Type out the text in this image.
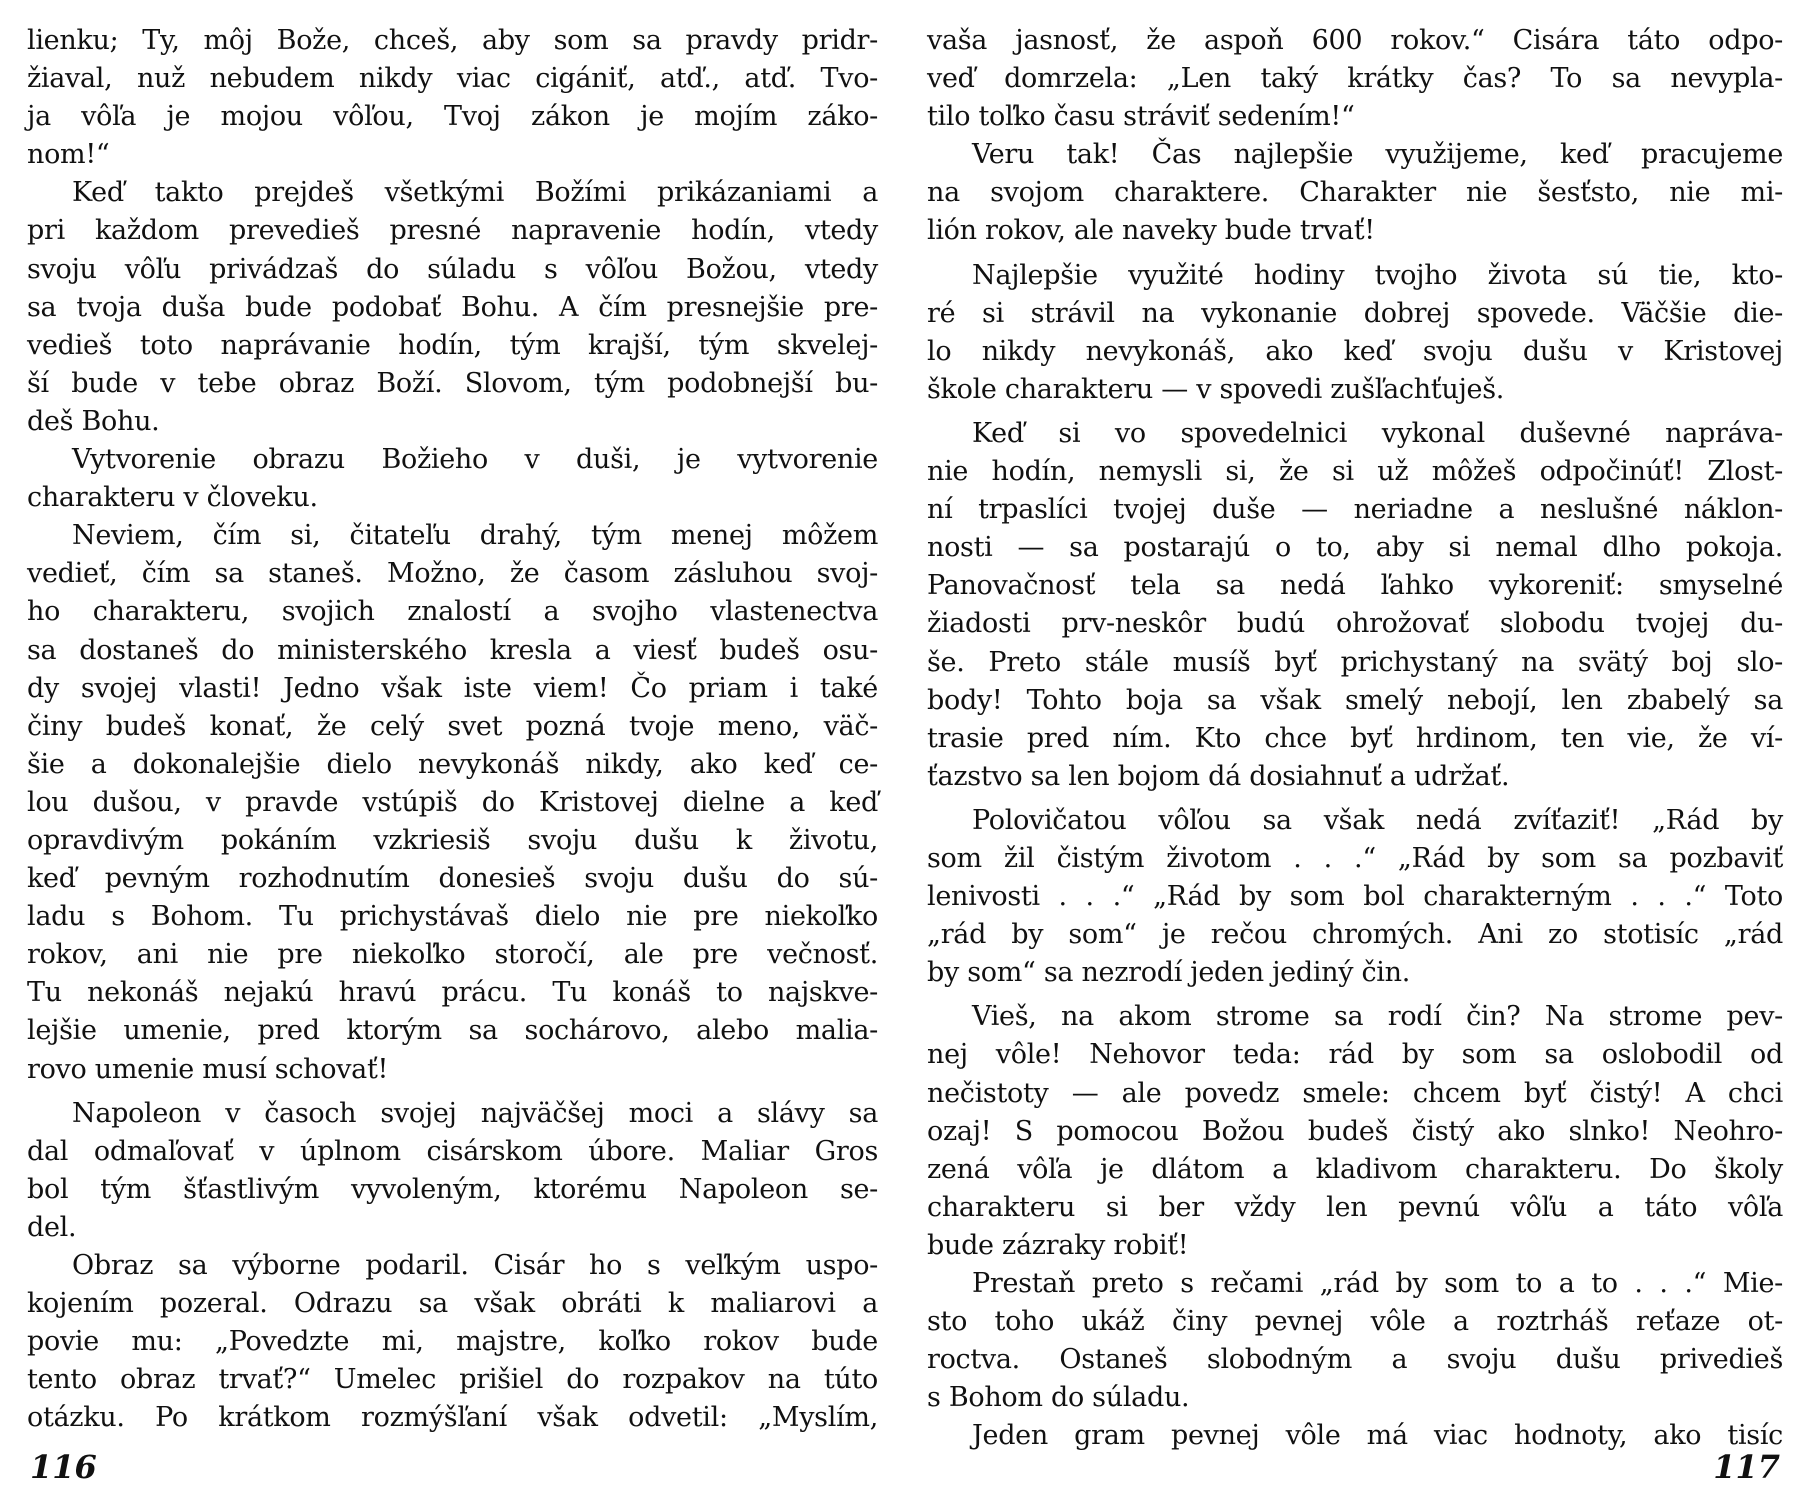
lienku; Ty, môj Bože, chceš, aby som sa pravdy pridr-
žiaval, nuž nebudem nikdy viac cigániť, atď., atď. Tvo-
ja vôľa je mojou vôľou, Tvoj zákon je mojím záko-
nom!“
Keď takto prejdeš všetkými Božími prikázaniami a
pri každom prevedieš presné napravenie hodín, vtedy
svoju vôľu privádzaš do súladu s vôľou Božou, vtedy
sa tvoja duša bude podobať Bohu. A čím presnejšie pre-
vedieš toto naprávanie hodín, tým krajší, tým skvelej-
ší bude v tebe obraz Boží. Slovom, tým podobnejší bu-
deš Bohu.
Vytvorenie obrazu Božieho v duši, je vytvorenie
charakteru v človeku.
Neviem, čím si, čitateľu drahý, tým menej môžem
vedieť, čím sa staneš. Možno, že časom zásluhou svoj-
ho charakteru, svojich znalostí a svojho vlastenectva
sa dostaneš do ministerského kresla a viesť budeš osu-
dy svojej vlasti! Jedno však iste viem! Čo priam i také
činy budeš konať, že celý svet pozná tvoje meno, väč-
šie a dokonalejšie dielo nevykonáš nikdy, ako keď ce-
lou dušou, v pravde vstúpiš do Kristovej dielne a keď
opravdivým pokáním vzkriesiš svoju dušu k životu,
keď pevným rozhodnutím donesieš svoju dušu do sú-
ladu s Bohom. Tu prichystávaš dielo nie pre niekoľko
rokov, ani nie pre niekoľko storočí, ale pre večnosť.
Tu nekonáš nejakú hravú prácu. Tu konáš to najskve-
lejšie umenie, pred ktorým sa sochárovo, alebo malia-
rovo umenie musí schovať!
Napoleon v časoch svojej najväčšej moci a slávy sa
dal odmaľovať v úplnom cisárskom úbore. Maliar Gros
bol tým šťastlivým vyvoleným, ktorému Napoleon se-
del.
Obraz sa výborne podaril. Cisár ho s veľkým uspo-
kojením pozeral. Odrazu sa však obráti k maliarovi a
povie mu: „Povedzte mi, majstre, koľko rokov bude
tento obraz trvať?“ Umelec prišiel do rozpakov na túto
otázku. Po krátkom rozmýšľaní však odvetil: „Myslím,
vaša jasnosť, že aspoň 600 rokov.“ Cisára táto odpo-
veď domrzela: „Len taký krátky čas? To sa nevypla-
tilo toľko času stráviť sedením!“
Veru tak! Čas najlepšie využijeme, keď pracujeme
na svojom charaktere. Charakter nie šesťsto, nie mi-
lión rokov, ale naveky bude trvať!
Najlepšie využité hodiny tvojho života sú tie, kto-
ré si strávil na vykonanie dobrej spovede. Väčšie die-
lo nikdy nevykonáš, ako keď svoju dušu v Kristovej
škole charakteru — v spovedi zušľachťuješ.
Keď si vo spovedelnici vykonal duševné napráva-
nie hodín, nemysli si, že si už môžeš odpočinúť! Zlost-
ní trpaslíci tvojej duše — neriadne a neslušné náklon-
nosti — sa postarajú o to, aby si nemal dlho pokoja.
Panovačnosť tela sa nedá ľahko vykoreniť: smyselné
žiadosti prv-neskôr budú ohrožovať slobodu tvojej du-
še. Preto stále musíš byť prichystaný na svätý boj slo-
body! Tohto boja sa však smelý nebojí, len zbabelý sa
trasie pred ním. Kto chce byť hrdinom, ten vie, že ví-
ťazstvo sa len bojom dá dosiahnuť a udržať.
Polovičatou vôľou sa však nedá zvíťaziť! „Rád by
som žil čistým životom . . .“ „Rád by som sa pozbaviť
lenivosti . . .“ „Rád by som bol charakterným . . .“ Toto
„rád by som“ je rečou chromých. Ani zo stotisíc „rád
by som“ sa nezrodí jeden jediný čin.
Vieš, na akom strome sa rodí čin? Na strome pev-
nej vôle! Nehovor teda: rád by som sa oslobodil od
nečistoty — ale povedz smele: chcem byť čistý! A chci
ozaj! S pomocou Božou budeš čistý ako slnko! Neohro-
zená vôľa je dlátom a kladivom charakteru. Do školy
charakteru si ber vždy len pevnú vôľu a táto vôľa
bude zázraky robiť!
Prestaň preto s rečami „rád by som to a to . . .“ Mie-
sto toho ukáž činy pevnej vôle a roztrháš reťaze ot-
roctva. Ostaneš slobodným a svoju dušu privedieš
s Bohom do súladu.
Jeden gram pevnej vôle má viac hodnoty, ako tisíc
116	117
